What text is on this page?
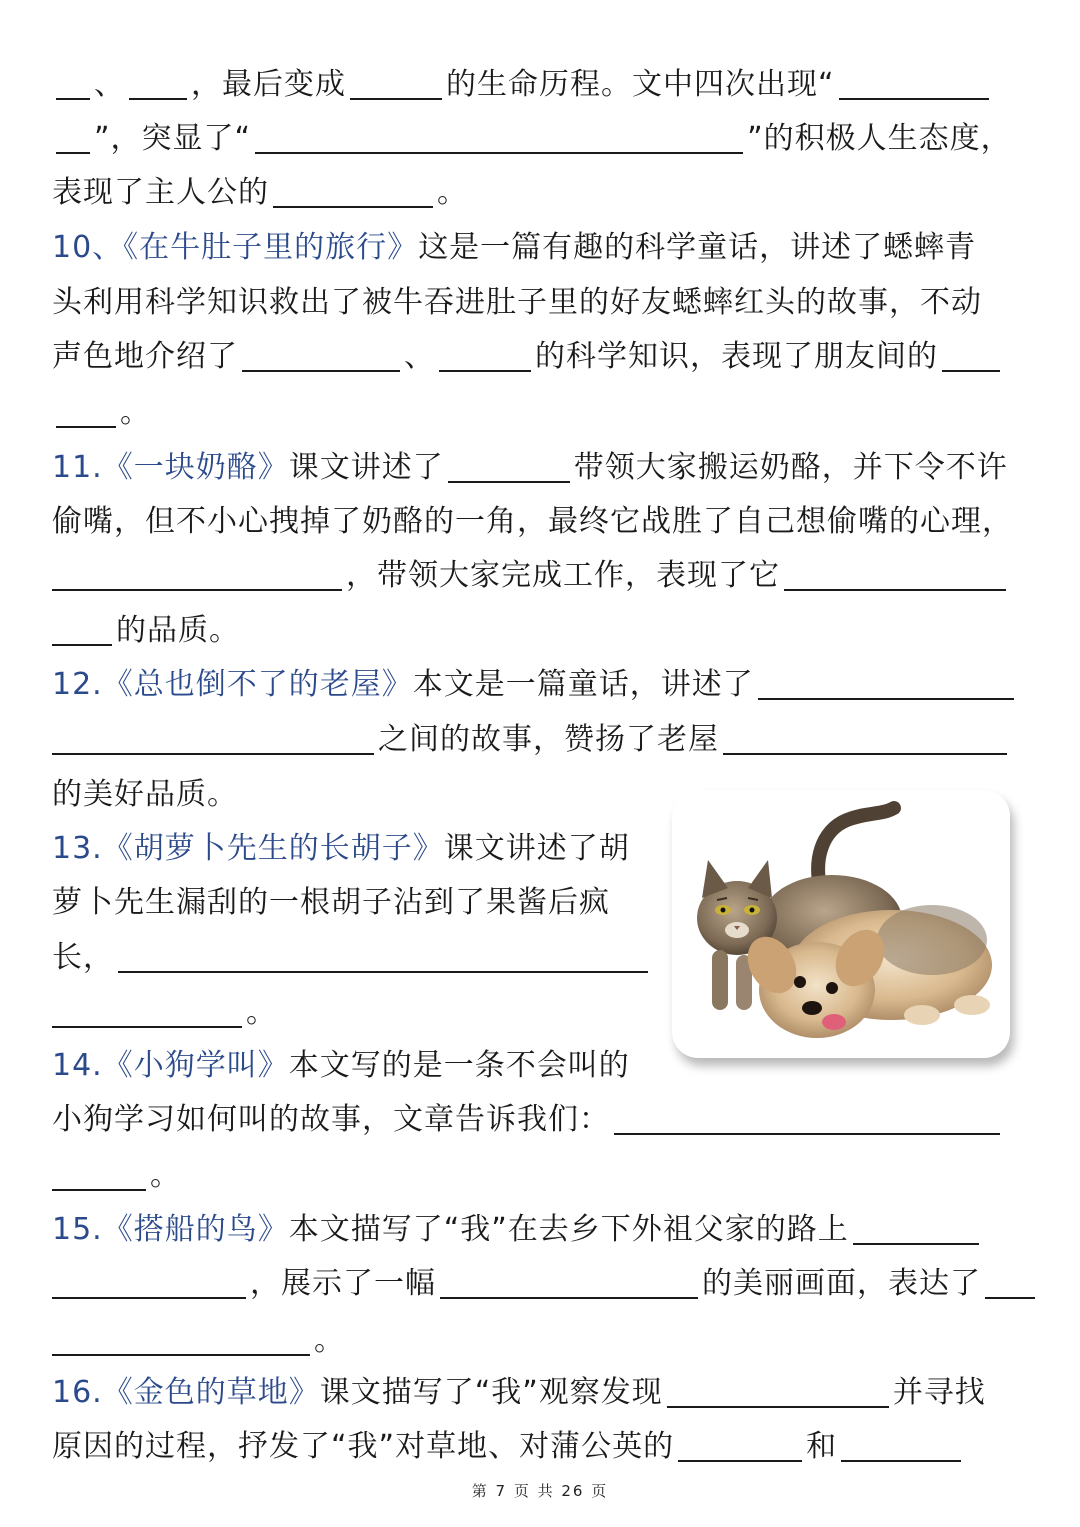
、 ，最后变成	的生命历程。文中四次出现“
”，突显了“	”的积极人生态度，
表现了主人公的	。
10、《在牛肚子里的旅行》这是一篇有趣的科学童话，讲述了蟋蟀青
头利用科学知识救出了被牛吞进肚子里的好友蟋蟀红头的故事，不动
声色地介绍了	、	的科学知识，表现了朋友间的
。
11.《一块奶酪》课文讲述了	带领大家搬运奶酪，并下令不许
偷嘴，但不小心拽掉了奶酪的一角，最终它战胜了自己想偷嘴的心理，
，带领大家完成工作，表现了它
的品质。
12.《总也倒不了的老屋》本文是一篇童话，讲述了
之间的故事，赞扬了老屋
的美好品质。
13.《胡萝卜先生的长胡子》课文讲述了胡
萝卜先生漏刮的一根胡子沾到了果酱后疯
长，
。
14.《小狗学叫》本文写的是一条不会叫的
小狗学习如何叫的故事，文章告诉我们：
。
15.《搭船的鸟》本文描写了“我”在去乡下外祖父家的路上
，展示了一幅	的美丽画面，表达了
。
16.《金色的草地》课文描写了“我”观察发现	并寻找
原因的过程，抒发了“我”对草地、对蒲公英的	和
第 7 页 共 26 页
